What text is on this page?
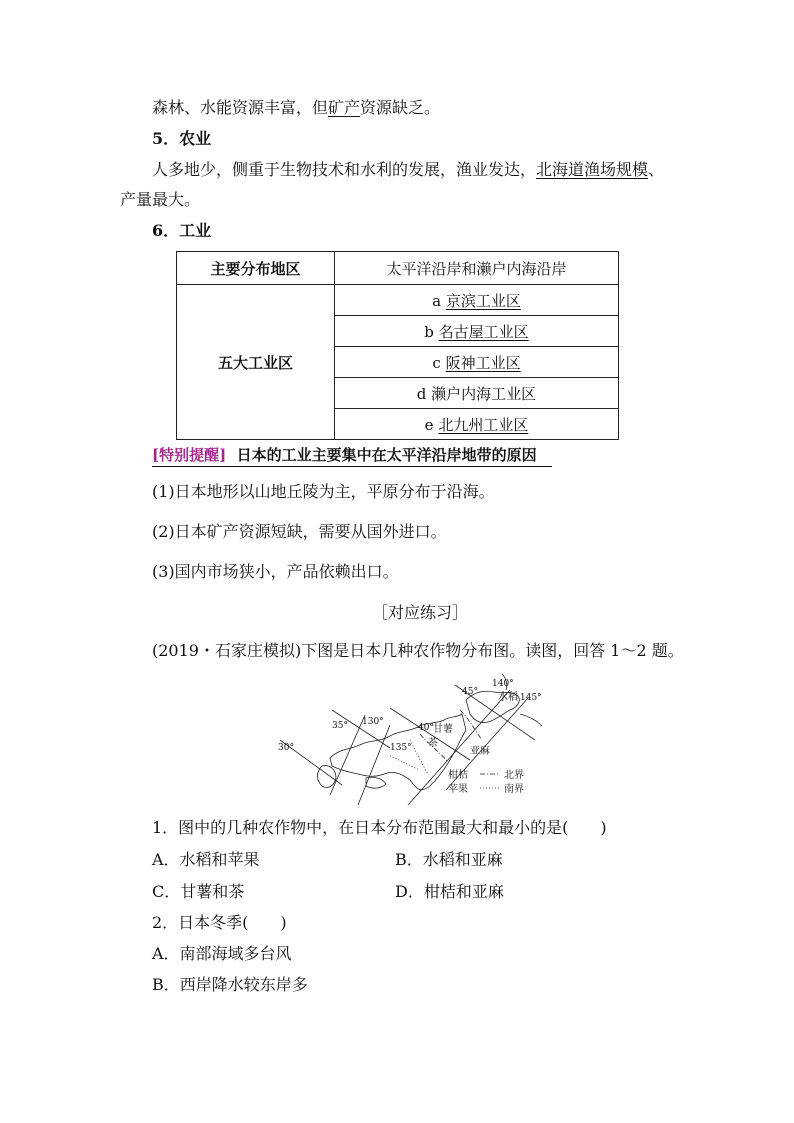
森林、水能资源丰富，但矿产资源缺乏。
5．农业
人多地少，侧重于生物技术和水利的发展，渔业发达，北海道渔场规模、
产量最大。
6．工业
主要分布地区	太平洋沿岸和濑户内海沿岸
五大工业区	a 京滨工业区
	b 名古屋工业区
	c 阪神工业区
	d 濑户内海工业区
	e 北九州工业区
[特别提醒] 日本的工业主要集中在太平洋沿岸地带的原因
(1)日本地形以山地丘陵为主，平原分布于沿海。
(2)日本矿产资源短缺，需要从国外进口。
(3)国内市场狭小，产品依赖出口。
［对应练习］
(2019・石家庄模拟)下图是日本几种农作物分布图。读图，回答 1～2 题。
30°
35°	40°
45°
130°
135°
140°
145°
水稻
甘薯
茶
亚麻
柑桔
苹果
北界
南界
1．图中的几种农作物中，在日本分布范围最大和最小的是(　　)
A．水稻和苹果	B．水稻和亚麻
C．甘薯和茶	D．柑桔和亚麻
2．日本冬季(　　)
A．南部海域多台风
B．西岸降水较东岸多
